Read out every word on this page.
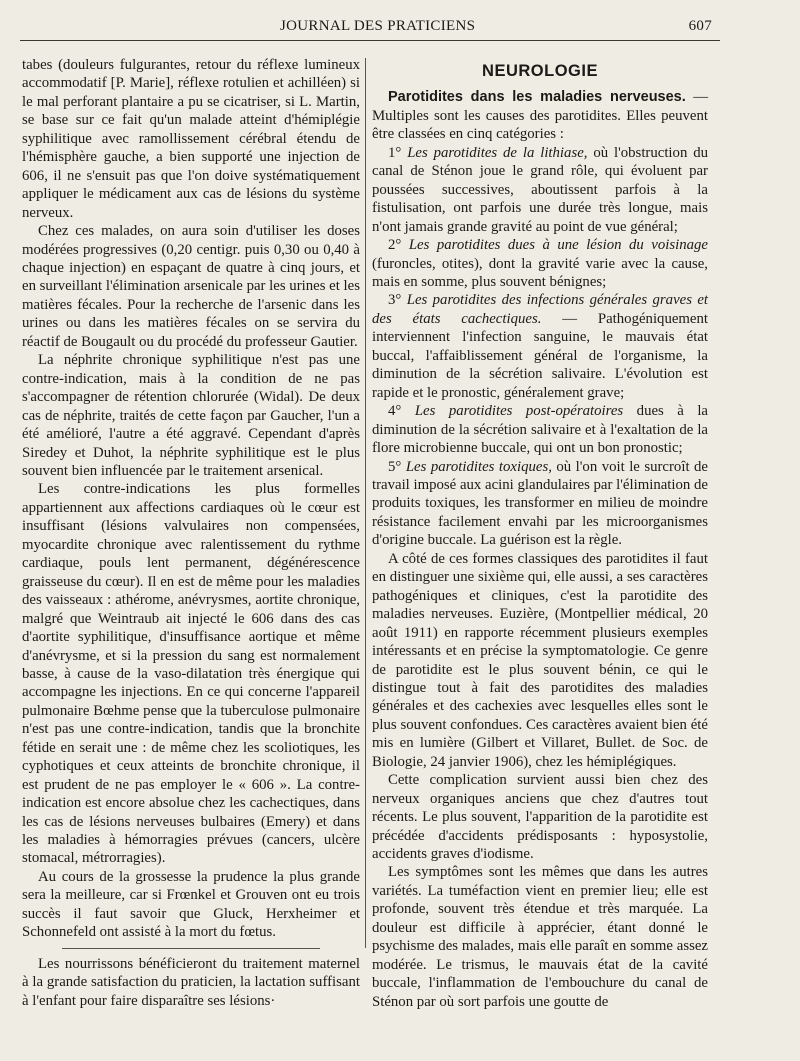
JOURNAL DES PRATICIENS	607

tabes (douleurs fulgurantes, retour du réflexe lumineux accommodatif [P. Marie], réflexe rotulien et achilléen) si le mal perforant plantaire a pu se cicatriser, si L. Martin, se base sur ce fait qu'un malade atteint d'hémiplégie syphilitique avec ramollissement cérébral étendu de l'hémisphère gauche, a bien supporté une injection de 606, il ne s'ensuit pas que l'on doive systématiquement appliquer le médicament aux cas de lésions du système nerveux.

Chez ces malades, on aura soin d'utiliser les doses modérées progressives (0,20 centigr. puis 0,30 ou 0,40 à chaque injection) en espaçant de quatre à cinq jours, et en surveillant l'élimination arsenicale par les urines et les matières fécales. Pour la recherche de l'arsenic dans les urines ou dans les matières fécales on se servira du réactif de Bougault ou du procédé du professeur Gautier.

La néphrite chronique syphilitique n'est pas une contre-indication, mais à la condition de ne pas s'accompagner de rétention chlorurée (Widal). De deux cas de néphrite, traités de cette façon par Gaucher, l'un a été amélioré, l'autre a été aggravé. Cependant d'après Siredey et Duhot, la néphrite syphilitique est le plus souvent bien influencée par le traitement arsenical.

Les contre-indications les plus formelles appartiennent aux affections cardiaques où le cœur est insuffisant (lésions valvulaires non compensées, myocardite chronique avec ralentissement du rythme cardiaque, pouls lent permanent, dégénérescence graisseuse du cœur). Il en est de même pour les maladies des vaisseaux : athérome, anévrysmes, aortite chronique, malgré que Weintraub ait injecté le 606 dans des cas d'aortite syphilitique, d'insuffisance aortique et même d'anévrysme, et si la pression du sang est normalement basse, à cause de la vaso-dilatation très énergique qui accompagne les injections. En ce qui concerne l'appareil pulmonaire Bœhme pense que la tuberculose pulmonaire n'est pas une contre-indication, tandis que la bronchite fétide en serait une : de même chez les scoliotiques, les cyphotiques et ceux atteints de bronchite chronique, il est prudent de ne pas employer le « 606 ». La contre-indication est encore absolue chez les cachectiques, dans les cas de lésions nerveuses bulbaires (Emery) et dans les maladies à hémorragies prévues (cancers, ulcère stomacal, métrorragies).

Au cours de la grossesse la prudence la plus grande sera la meilleure, car si Frœnkel et Grouven ont eu trois succès il faut savoir que Gluck, Herxheimer et Schonnefeld ont assisté à la mort du fœtus.

Les nourrissons bénéficieront du traitement maternel à la grande satisfaction du praticien, la lactation suffisant à l'enfant pour faire disparaître ses lésions·

NEUROLOGIE

Parotidites dans les maladies nerveuses. — Multiples sont les causes des parotidites. Elles peuvent être classées en cinq catégories :

1° Les parotidites de la lithiase, où l'obstruction du canal de Sténon joue le grand rôle, qui évoluent par poussées successives, aboutissent parfois à la fistulisation, ont parfois une durée très longue, mais n'ont jamais grande gravité au point de vue général;

2° Les parotidites dues à une lésion du voisinage (furoncles, otites), dont la gravité varie avec la cause, mais en somme, plus souvent bénignes;

3° Les parotidites des infections générales graves et des états cachectiques. — Pathogéniquement interviennent l'infection sanguine, le mauvais état buccal, l'affaiblissement général de l'organisme, la diminution de la sécrétion salivaire. L'évolution est rapide et le pronostic, généralement grave;

4° Les parotidites post-opératoires dues à la diminution de la sécrétion salivaire et à l'exaltation de la flore microbienne buccale, qui ont un bon pronostic;

5° Les parotidites toxiques, où l'on voit le surcroît de travail imposé aux acini glandulaires par l'élimination de produits toxiques, les transformer en milieu de moindre résistance facilement envahi par les microorganismes d'origine buccale. La guérison est la règle.

A côté de ces formes classiques des parotidites il faut en distinguer une sixième qui, elle aussi, a ses caractères pathogéniques et cliniques, c'est la parotidite des maladies nerveuses. Euzière, (Montpellier médical, 20 août 1911) en rapporte récemment plusieurs exemples intéressants et en précise la symptomatologie. Ce genre de parotidite est le plus souvent bénin, ce qui le distingue tout à fait des parotidites des maladies générales et des cachexies avec lesquelles elles sont le plus souvent confondues. Ces caractères avaient bien été mis en lumière (Gilbert et Villaret, Bullet. de Soc. de Biologie, 24 janvier 1906), chez les hémiplégiques.

Cette complication survient aussi bien chez des nerveux organiques anciens que chez d'autres tout récents. Le plus souvent, l'apparition de la parotidite est précédée d'accidents prédisposants : hyposystolie, accidents graves d'iodisme.

Les symptômes sont les mêmes que dans les autres variétés. La tuméfaction vient en premier lieu; elle est profonde, souvent très étendue et très marquée. La douleur est difficile à apprécier, étant donné le psychisme des malades, mais elle paraît en somme assez modérée. Le trismus, le mauvais état de la cavité buccale, l'inflammation de l'embouchure du canal de Sténon par où sort parfois une goutte de
